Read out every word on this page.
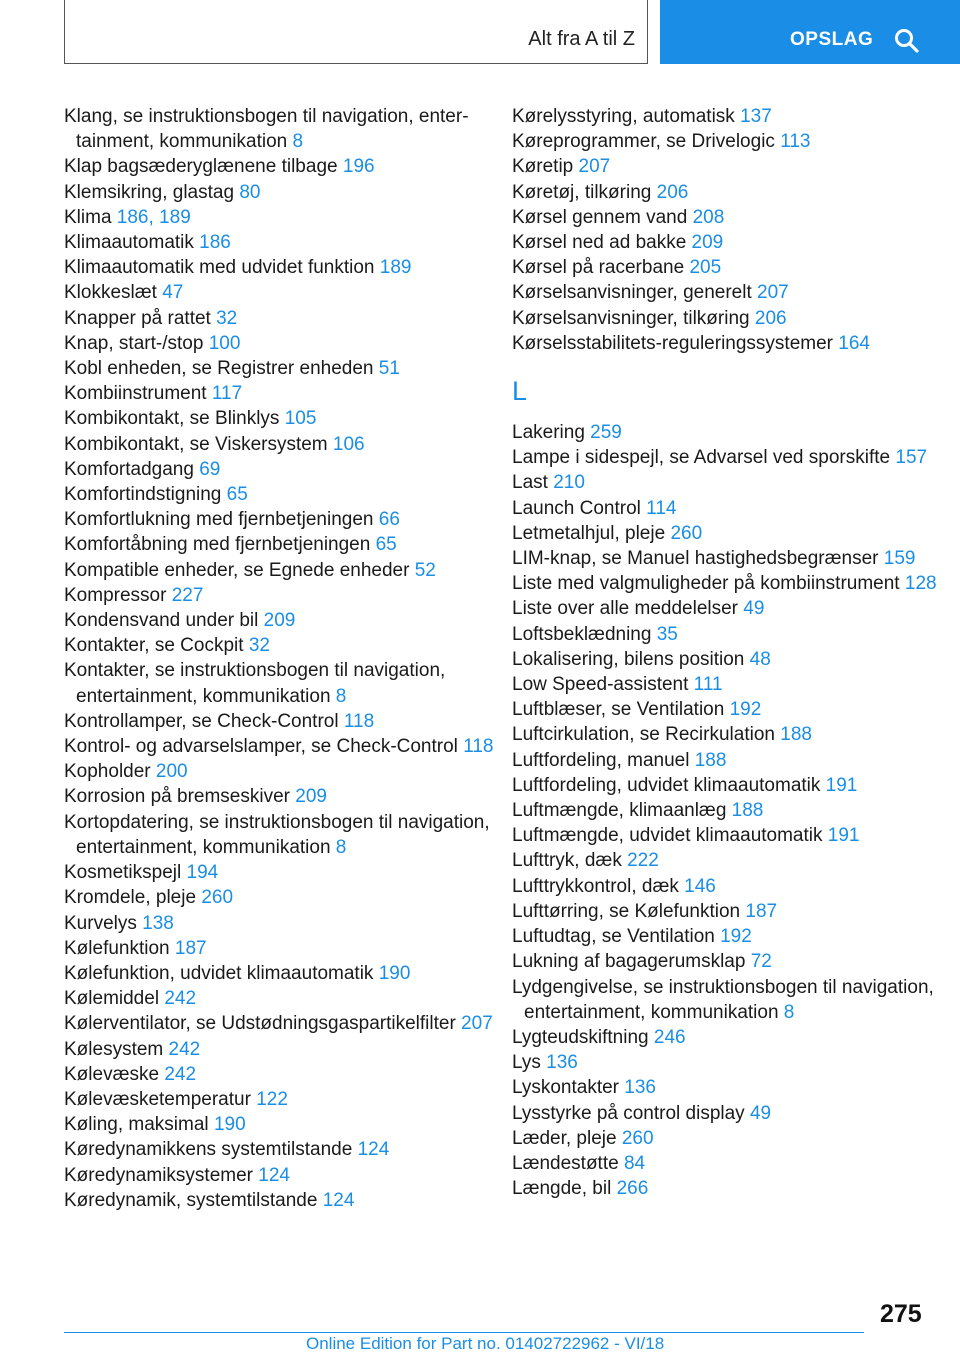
Alt fra A til Z	OPSLAG
Klang, se instruktionsbogen til navigation, entertainment, kommunikation 8
Klap bagsæderyglænene tilbage 196
Klemsikring, glastag 80
Klima 186, 189
Klimaautomatik 186
Klimaautomatik med udvidet funktion 189
Klokkeslæt 47
Knapper på rattet 32
Knap, start-/stop 100
Kobl enheden, se Registrer enheden 51
Kombiinstrument 117
Kombikontakt, se Blinklys 105
Kombikontakt, se Viskersystem 106
Komfortadgang 69
Komfortindstigning 65
Komfortlukning med fjernbetjeningen 66
Komfortåbning med fjernbetjeningen 65
Kompatible enheder, se Egnede enheder 52
Kompressor 227
Kondensvand under bil 209
Kontakter, se Cockpit 32
Kontakter, se instruktionsbogen til navigation, entertainment, kommunikation 8
Kontrollamper, se Check-Control 118
Kontrol- og advarselslamper, se Check-Control 118
Kopholder 200
Korrosion på bremseskiver 209
Kortopdatering, se instruktionsbogen til navigation, entertainment, kommunikation 8
Kosmetikspejl 194
Kromdele, pleje 260
Kurvelys 138
Kølefunktion 187
Kølefunktion, udvidet klimaautomatik 190
Kølemiddel 242
Kølerventilator, se Udstødningsgaspartikelfilter 207
Kølesystem 242
Kølevæske 242
Kølevæsketemperatur 122
Køling, maksimal 190
Køredynamikkens systemtilstande 124
Køredynamiksystemer 124
Køredynamik, systemtilstande 124
Kørelysstyring, automatisk 137
Køreprogrammer, se Drivelogic 113
Køretip 207
Køretøj, tilkøring 206
Kørsel gennem vand 208
Kørsel ned ad bakke 209
Kørsel på racerbane 205
Kørselsanvisninger, generelt 207
Kørselsanvisninger, tilkøring 206
Kørselsstabilitets-reguleringssystemer 164
L
Lakering 259
Lampe i sidespejl, se Advarsel ved sporskifte 157
Last 210
Launch Control 114
Letmetalhjul, pleje 260
LIM-knap, se Manuel hastighedsbegrænser 159
Liste med valgmuligheder på kombiinstrument 128
Liste over alle meddelelser 49
Loftsbeklædning 35
Lokalisering, bilens position 48
Low Speed-assistent 111
Luftblæser, se Ventilation 192
Luftcirkulation, se Recirkulation 188
Luftfordeling, manuel 188
Luftfordeling, udvidet klimaautomatik 191
Luftmængde, klimaanlæg 188
Luftmængde, udvidet klimaautomatik 191
Lufttryk, dæk 222
Lufttrykkontrol, dæk 146
Lufttørring, se Kølefunktion 187
Luftudtag, se Ventilation 192
Lukning af bagagerumsklap 72
Lydgengivelse, se instruktionsbogen til navigation, entertainment, kommunikation 8
Lygteudskiftning 246
Lys 136
Lyskontakter 136
Lysstyrke på control display 49
Læder, pleje 260
Lændestøtte 84
Længde, bil 266
275
Online Edition for Part no. 01402722962 - VI/18
